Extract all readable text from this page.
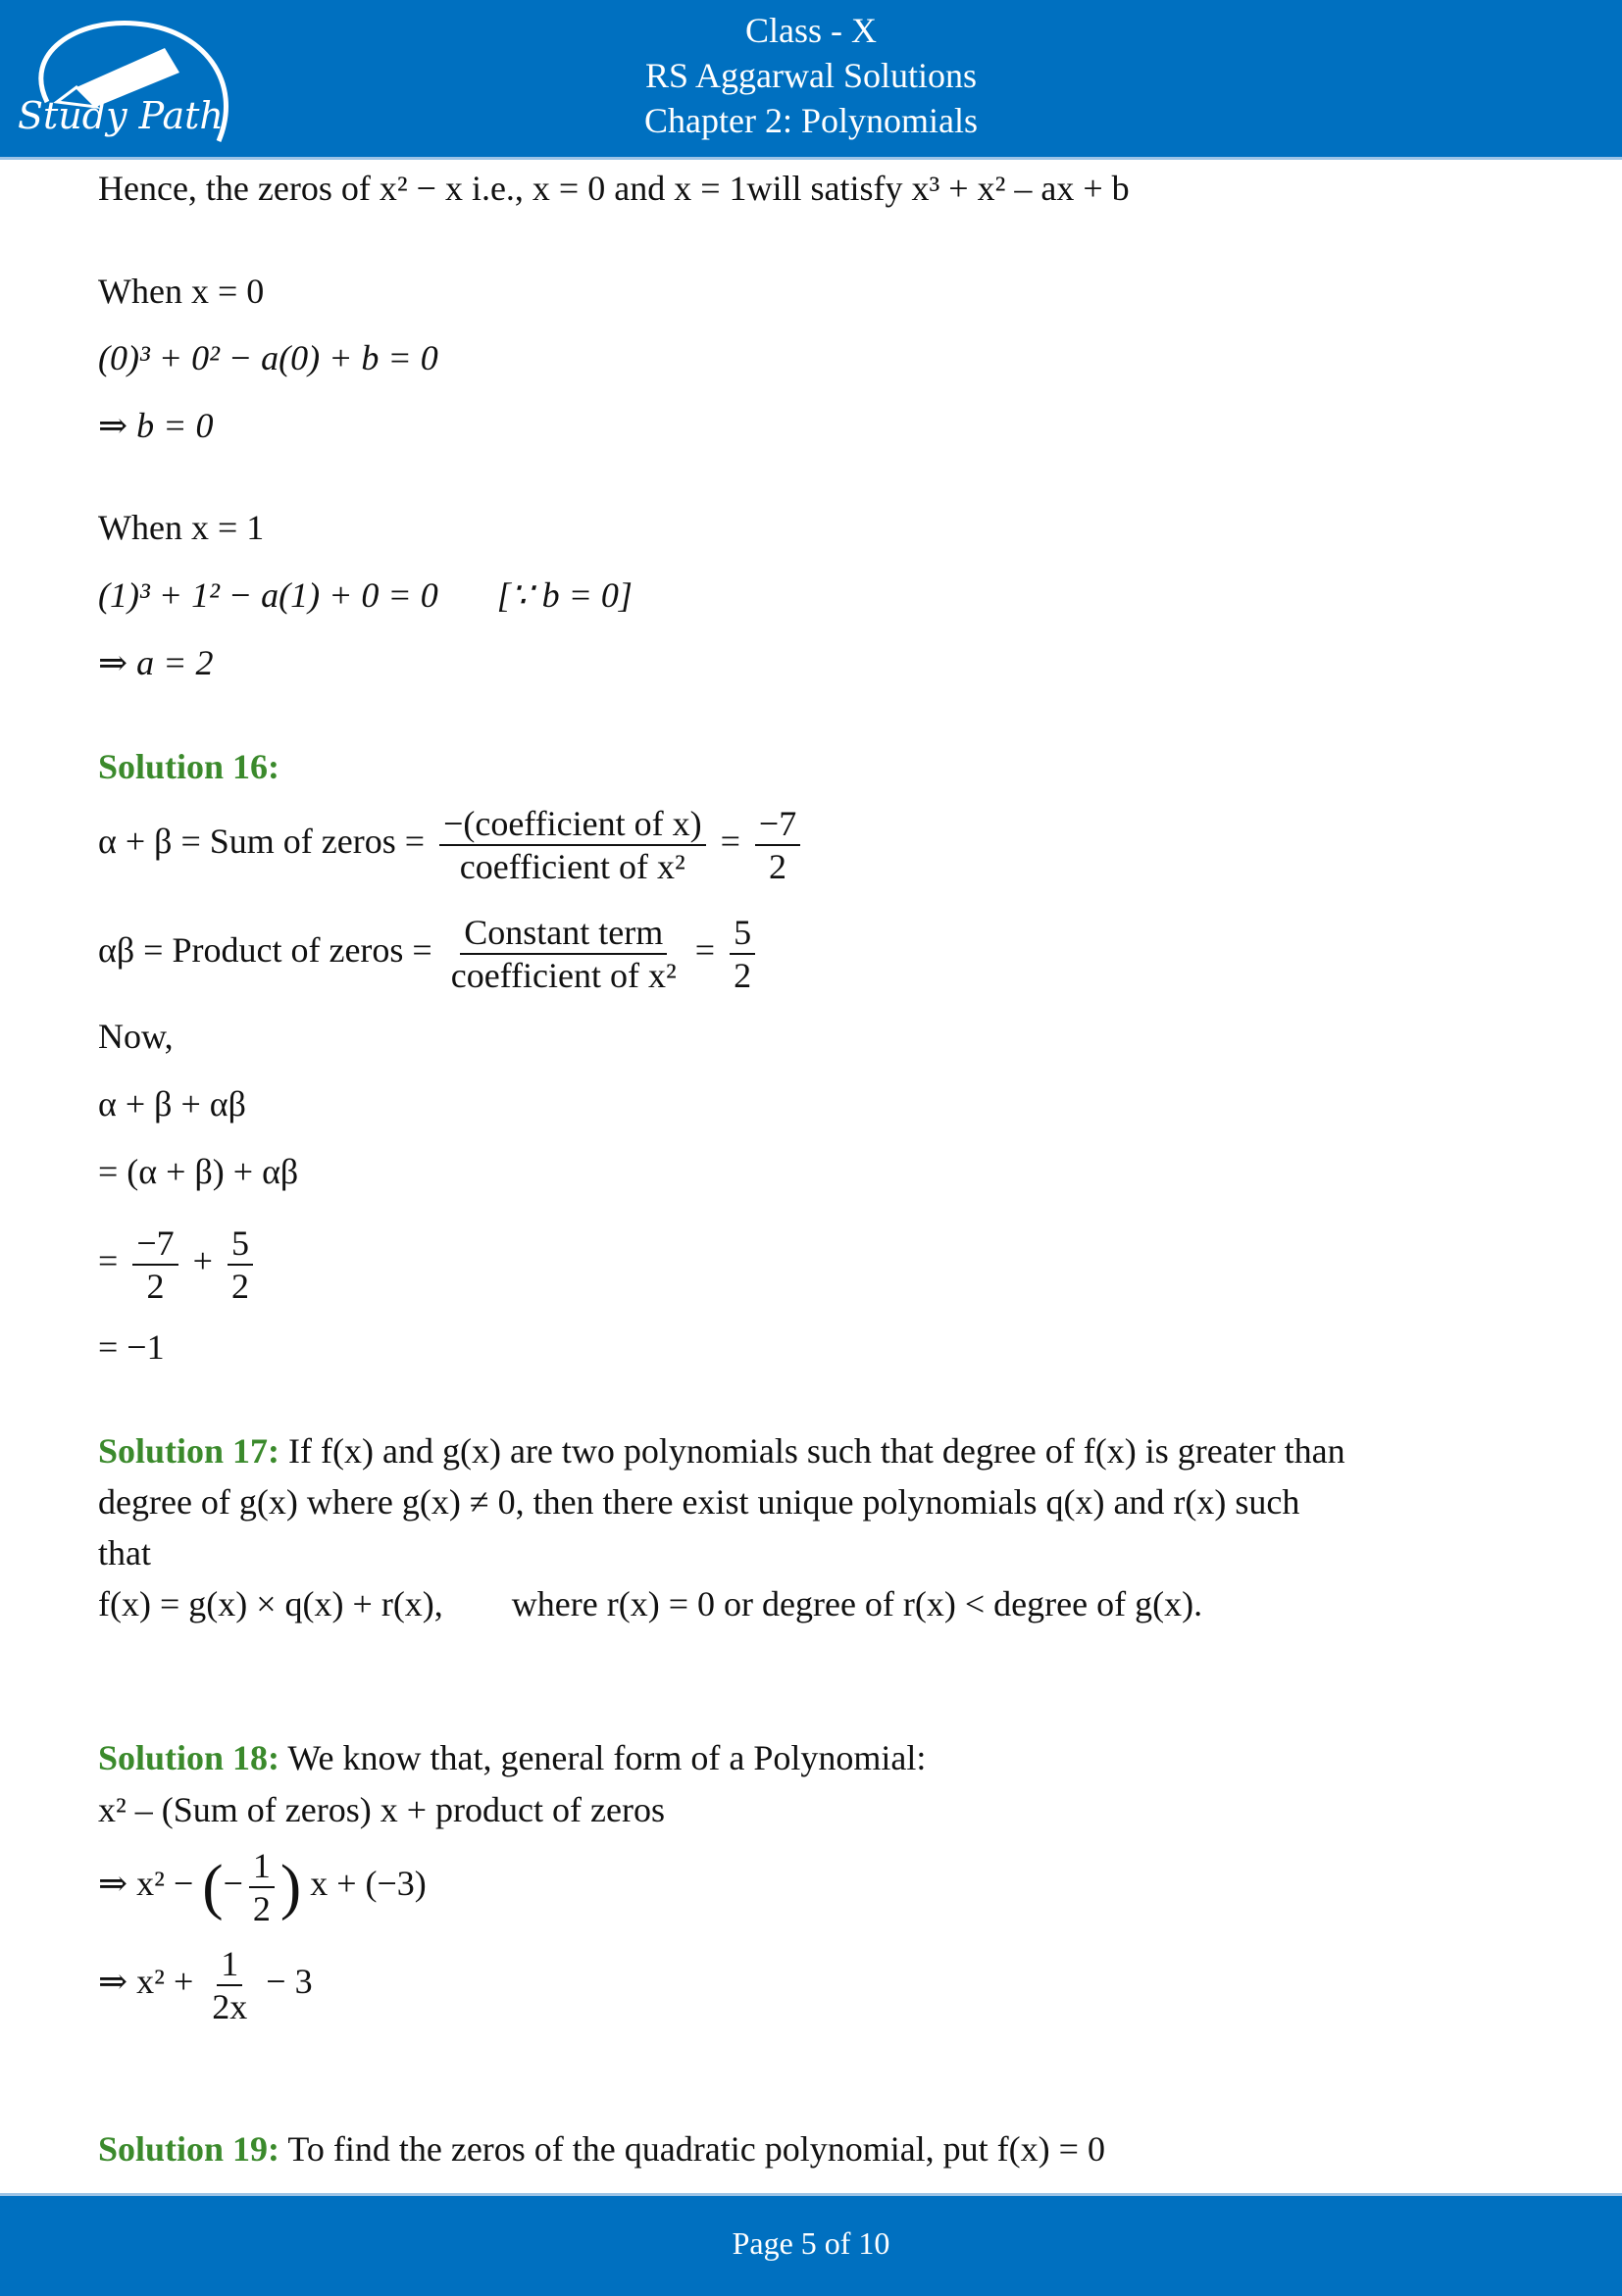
Study Path
Class - X
RS Aggarwal Solutions
Chapter 2: Polynomials
Hence, the zeros of x² − x i.e., x = 0 and x = 1will satisfy x³ + x² – ax + b
When x = 0
(0)³ + 0² − a(0) + b = 0
⇒ b = 0
When x = 1
(1)³ + 1² − a(1) + 0 = 0 [∵ b = 0]
⇒ a = 2
Solution 16:
α + β = Sum of zeros = $\frac{\text{−(coefficient of x)}}{\text{coefficient of x²}} = \frac{-7}{2}$
αβ = Product of zeros = $\frac{\text{Constant term}}{\text{coefficient of x²}} = \frac{5}{2}$
Now,
α + β + αβ
= (α + β) + αβ
= $\frac{-7}{2} + \frac{5}{2}$
= −1
Solution 17: If f(x) and g(x) are two polynomials such that degree of f(x) is greater than
degree of g(x) where g(x) ≠ 0, then there exist unique polynomials q(x) and r(x) such
that
f(x) = g(x) × q(x) + r(x), where r(x) = 0 or degree of r(x) < degree of g(x).
Solution 18: We know that, general form of a Polynomial:
x² – (Sum of zeros) x + product of zeros
⇒ x² − (− $\frac{1}{2}$ ) x + (−3)
⇒ $x^2 + \frac{1}{2x} - 3$
Solution 19: To find the zeros of the quadratic polynomial, put f(x) = 0
Page 5 of 10
